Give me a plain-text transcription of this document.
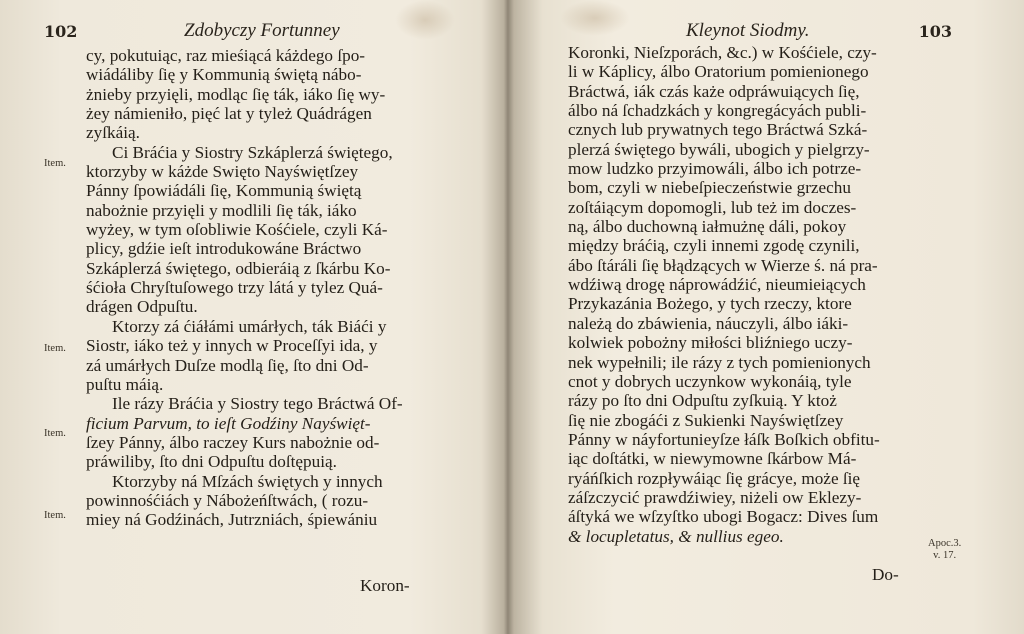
102	Zdobyczy Fortunney
cy, pokutuiąc, raz mieśiącá káżdego ſpo-
wiádáliby ſię y Kommunią świętą nábo-
żnieby przyięli, modląc ſię ták, iáko ſię wy-
żey námieniło, pięć lat y tyleż Quádrágen
zyſkáią.
Ci Bráćia y Siostry Szkáplerzá świętego,
ktorzyby w káżde Swięto Nayświętſzey
Pánny ſpowiádáli ſię, Kommunią świętą
nabożnie przyięli y modlili ſię ták, iáko
wyżey, w tym oſobliwie Kośćiele, czyli Ká-
plicy, gdźie ieſt introdukowáne Bráctwo
Szkáplerzá świętego, odbieráią z ſkárbu Ko-
śćioła Chryſtuſowego trzy látá y tylez Quá-
drágen Odpuſtu.
Ktorzy zá ćiáłámi umárłych, ták Biáći y
Siostr, iáko też y innych w Proceſſyi ida, y
zá umárłych Duſze modlą ſię, ſto dni Od-
puſtu máią.
Ile rázy Bráćia y Siostry tego Bráctwá Of-
ficium Parvum, to ieſt Godźiny Nayświęt-
ſzey Pánny, álbo raczey Kurs nabożnie od-
práwiliby, ſto dni Odpuſtu doſtępuią.
Ktorzyby ná Mſzách świętych y innych
powinnośćiách y Nábożeńſtwách, ( rozu-
miey ná Godźinách, Jutrzniách, śpiewániu
Item.
Item.
Item.
Item.
Koron-
103
Kleynot Siodmy.
Koronki, Nieſzporách, &c.) w Kośćiele, czy-
li w Káplicy, álbo Oratorium pomienionego
Bráctwá, iák czás każe odpráwuiących ſię,
álbo ná ſchadzkách y kongregácyách publi-
cznych lub prywatnych tego Bráctwá Szká-
plerzá świętego bywáli, ubogich y pielgrzy-
mow ludzko przyimowáli, álbo ich potrze-
bom, czyli w niebeſpieczeństwie grzechu
zoſtáiącym dopomogli, lub też im doczes-
ną, álbo duchowną iałmużnę dáli, pokoy
między bráćią, czyli innemi zgodę czynili,
ábo ſtáráli ſię błądzących w Wierze ś. ná pra-
wdźiwą drogę náprowádźić, nieumieiących
Przykazánia Bożego, y tych rzeczy, ktore
należą do zbáwienia, náuczyli, álbo iáki-
kolwiek pobożny miłości bliźniego uczy-
nek wypełnili; ile rázy z tych pomienionych
cnot y dobrych uczynkow wykonáią, tyle
rázy po ſto dni Odpuſtu zyſkuią. Y ktoż
ſię nie zbogáći z Sukienki Nayświętſzey
Pánny w náyfortunieyſze łáſk Boſkich obfitu-
iąc doſtátki, w niewymowne ſkárbow Má-
ryáńſkich rozpływáiąc ſię grácye, może ſię
záſzczycić prawdźiwiey, niżeli ow Eklezy-
áſtyká we wſzyſtko ubogi Bogacz: Dives ſum
& locupletatus, & nullius egeo.
Do-
Apoc.3.
v. 17.
